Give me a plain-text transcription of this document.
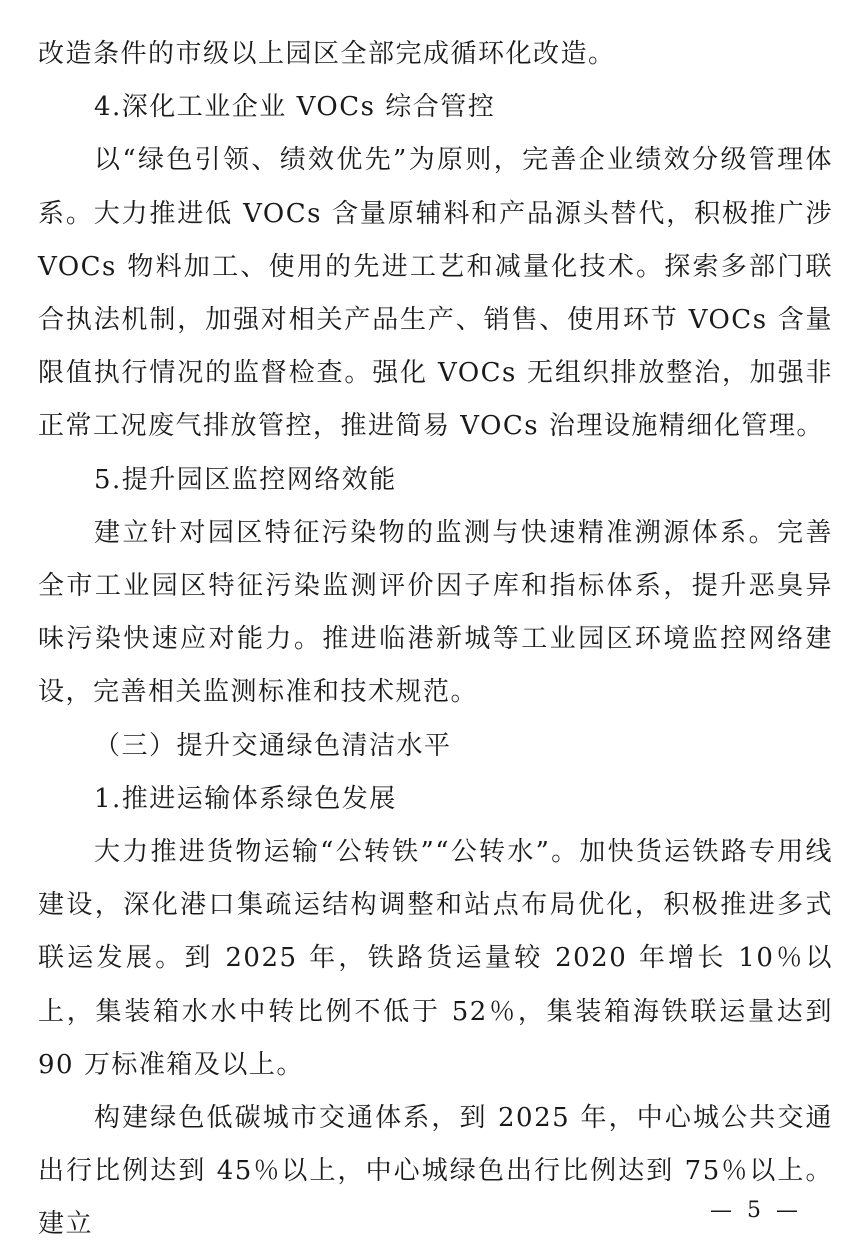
改造条件的市级以上园区全部完成循环化改造。

4.深化工业企业 VOCs 综合管控

以“绿色引领、绩效优先”为原则，完善企业绩效分级管理体系。大力推进低 VOCs 含量原辅料和产品源头替代，积极推广涉 VOCs 物料加工、使用的先进工艺和减量化技术。探索多部门联合执法机制，加强对相关产品生产、销售、使用环节 VOCs 含量限值执行情况的监督检查。强化 VOCs 无组织排放整治，加强非正常工况废气排放管控，推进简易 VOCs 治理设施精细化管理。

5.提升园区监控网络效能

建立针对园区特征污染物的监测与快速精准溯源体系。完善全市工业园区特征污染监测评价因子库和指标体系，提升恶臭异味污染快速应对能力。推进临港新城等工业园区环境监控网络建设，完善相关监测标准和技术规范。

（三）提升交通绿色清洁水平

1.推进运输体系绿色发展

大力推进货物运输“公转铁”“公转水”。加快货运铁路专用线建设，深化港口集疏运结构调整和站点布局优化，积极推进多式联运发展。到 2025 年，铁路货运量较 2020 年增长 10％以上，集装箱水水中转比例不低于 52％，集装箱海铁联运量达到 90 万标准箱及以上。

构建绿色低碳城市交通体系，到 2025 年，中心城公共交通出行比例达到 45％以上，中心城绿色出行比例达到 75％以上。建立	— 5 —
